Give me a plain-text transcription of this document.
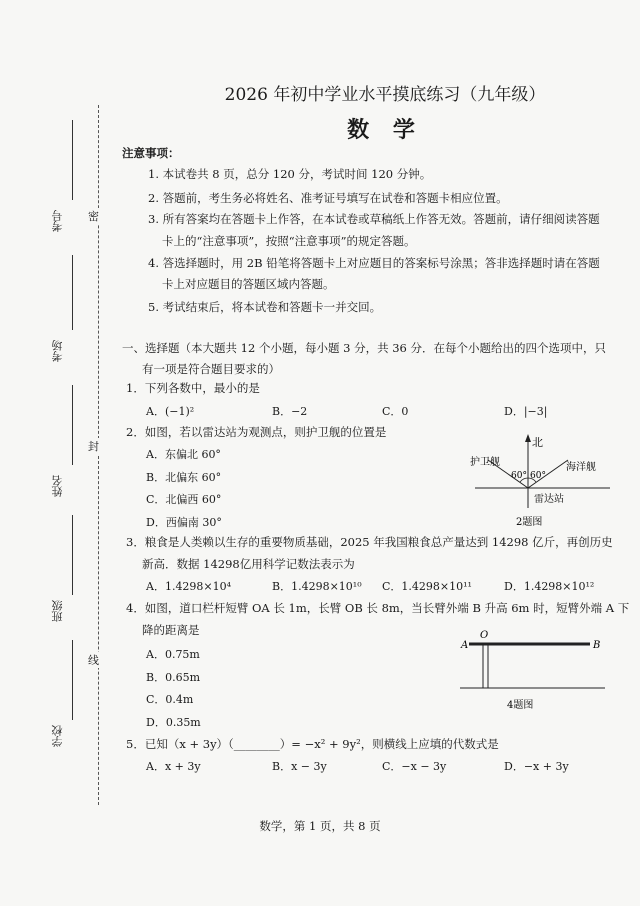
考号
考场
姓名
班级
学校
密
封
线
2026 年初中学业水平摸底练习（九年级）
数 学
注意事项：
1. 本试卷共 8 页，总分 120 分，考试时间 120 分钟。
2. 答题前，考生务必将姓名、准考证号填写在试卷和答题卡相应位置。
3. 所有答案均在答题卡上作答，在本试卷或草稿纸上作答无效。答题前，请仔细阅读答题
卡上的“注意事项”，按照“注意事项”的规定答题。
4. 答选择题时，用 2B 铅笔将答题卡上对应题目的答案标号涂黑；答非选择题时请在答题
卡上对应题目的答题区域内答题。
5. 考试结束后，将本试卷和答题卡一并交回。
一、选择题（本大题共 12 个小题，每小题 3 分，共 36 分．在每个小题给出的四个选项中，只
有一项是符合题目要求的）
1．下列各数中，最小的是
A．(−1)²	B．−2	C．0	D．|−3|
2．如图，若以雷达站为观测点，则护卫舰的位置是
A．东偏北 60°
B．北偏东 60°
C．北偏西 60°
D．西偏南 30°
北
护卫舰	海洋舰
60° 60°
雷达站
2题图
3．粮食是人类赖以生存的重要物质基础，2025 年我国粮食总产量达到 14298 亿斤，再创历史
新高．数据 14298亿用科学记数法表示为
A．1.4298×10⁴	B．1.4298×10¹⁰ C．1.4298×10¹¹	D．1.4298×10¹²
4．如图，道口栏杆短臂 OA 长 1m，长臂 OB 长 8m，当长臂外端 B 升高 6m 时，短臂外端 A 下
降的距离是
A．0.75m
B．0.65m
C．0.4m
D．0.35m
A
O
B
4题图
5．已知（x + 3y）（________）= −x² + 9y²，则横线上应填的代数式是
A．x + 3y	B．x − 3y	C．−x − 3y	D．−x + 3y
数学，第 1 页，共 8 页
